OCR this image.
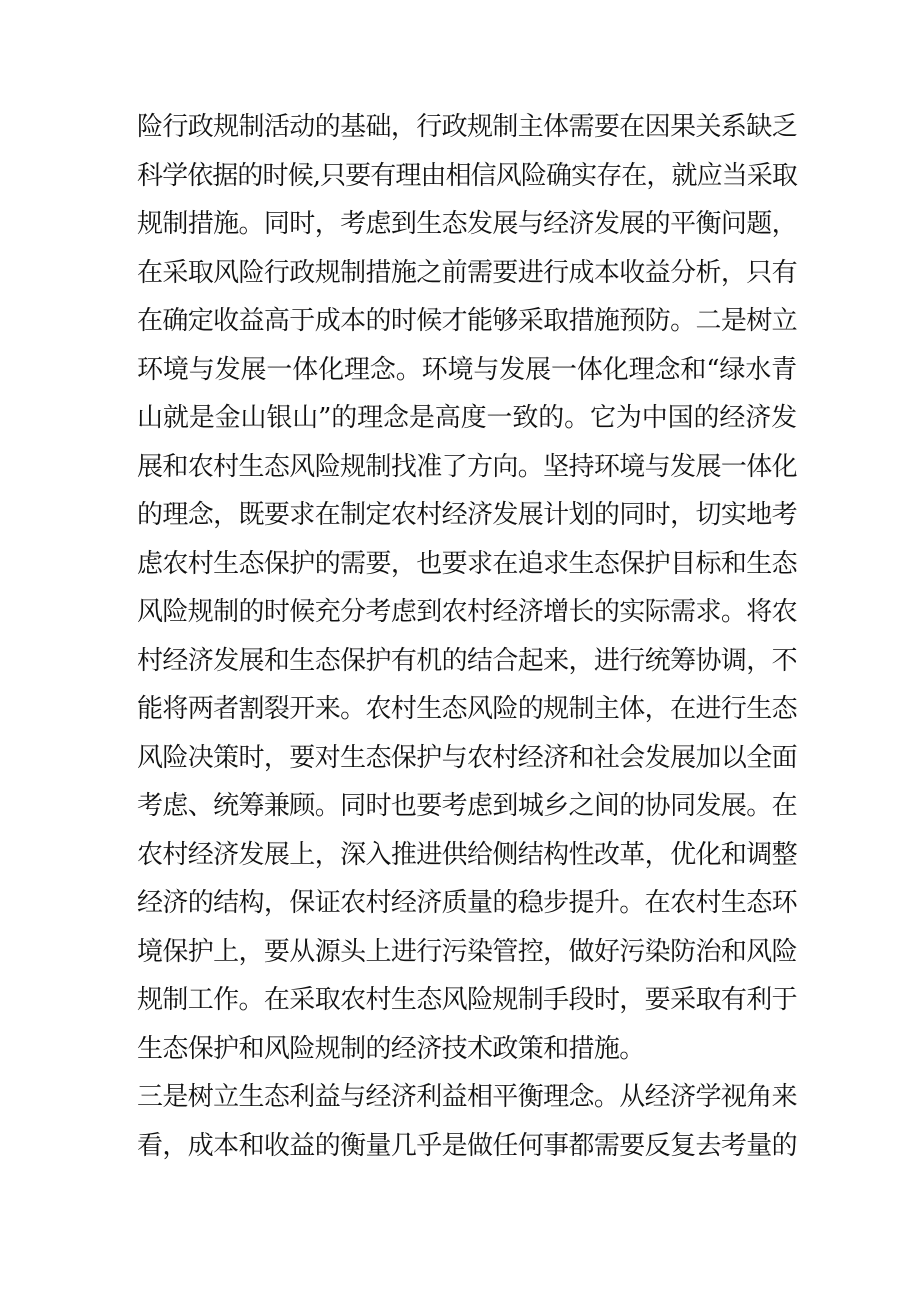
险行政规制活动的基础，行政规制主体需要在因果关系缺乏
科学依据的时候,只要有理由相信风险确实存在，就应当采取
规制措施。同时，考虑到生态发展与经济发展的平衡问题，
在采取风险行政规制措施之前需要进行成本收益分析，只有
在确定收益高于成本的时候才能够采取措施预防。二是树立
环境与发展一体化理念。环境与发展一体化理念和“绿水青
山就是金山银山”的理念是高度一致的。它为中国的经济发
展和农村生态风险规制找准了方向。坚持环境与发展一体化
的理念，既要求在制定农村经济发展计划的同时，切实地考
虑农村生态保护的需要，也要求在追求生态保护目标和生态
风险规制的时候充分考虑到农村经济增长的实际需求。将农
村经济发展和生态保护有机的结合起来，进行统筹协调，不
能将两者割裂开来。农村生态风险的规制主体，在进行生态
风险决策时，要对生态保护与农村经济和社会发展加以全面
考虑、统筹兼顾。同时也要考虑到城乡之间的协同发展。在
农村经济发展上，深入推进供给侧结构性改革，优化和调整
经济的结构，保证农村经济质量的稳步提升。在农村生态环
境保护上，要从源头上进行污染管控，做好污染防治和风险
规制工作。在采取农村生态风险规制手段时，要采取有利于
生态保护和风险规制的经济技术政策和措施。
三是树立生态利益与经济利益相平衡理念。从经济学视角来
看，成本和收益的衡量几乎是做任何事都需要反复去考量的
